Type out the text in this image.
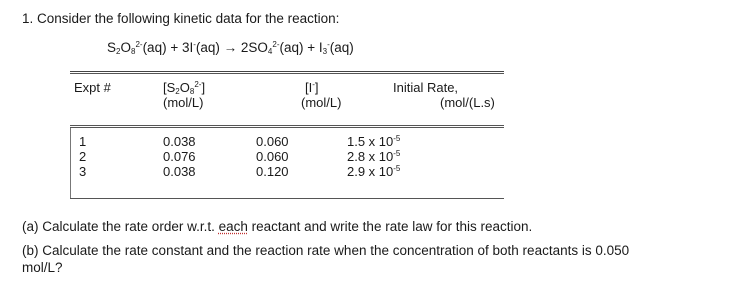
1. Consider the following kinetic data for the reaction:
$S_2O_8^{2-}(aq) + 3I^-(aq) \to 2SO_4^{2-}(aq) + I_3^-(aq)$
Expt #	$[S_2O_8^{2-}]$
(mol/L)
[I-]
(mol/L)
Initial Rate,
(mol/(L.s)
1
2
3
0.038
0.076
0.038
0.060
0.060
0.120
1.5 x $10^{-5}$
2.8 x $10^{-5}$
2.9 x $10^{-5}$
(a) Calculate the rate order w.r.t. each reactant and write the rate law for this reaction.
(b) Calculate the rate constant and the reaction rate when the concentration of both reactants is 0.050
mol/L?
